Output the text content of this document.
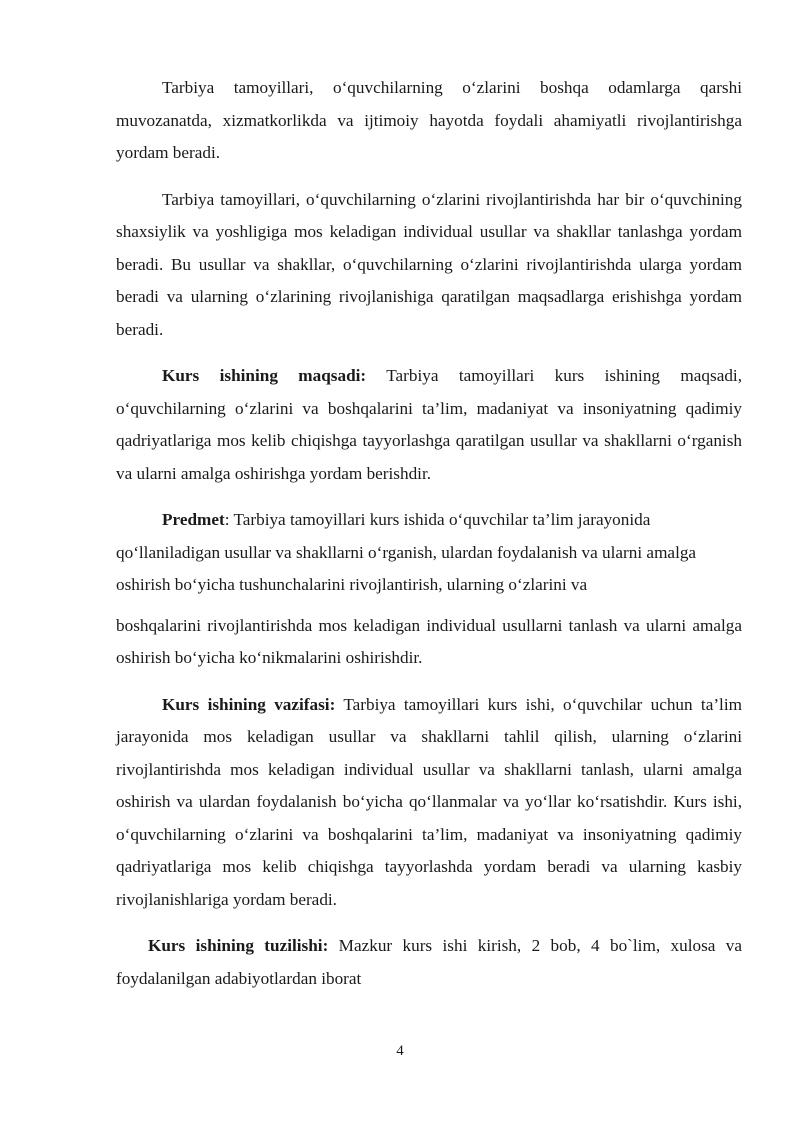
Tarbiya tamoyillari, o‘quvchilarning o‘zlarini boshqa odamlarga qarshi muvozanatda, xizmatkorlikda va ijtimoiy hayotda foydali ahamiyatli rivojlantirishga yordam beradi.

Tarbiya tamoyillari, o‘quvchilarning o‘zlarini rivojlantirishda har bir o‘quvchining shaxsiylik va yoshligiga mos keladigan individual usullar va shakllar tanlashga yordam beradi. Bu usullar va shakllar, o‘quvchilarning o‘zlarini rivojlantirishda ularga yordam beradi va ularning o‘zlarining rivojlanishiga qaratilgan maqsadlarga erishishga yordam beradi.

Kurs ishining maqsadi: Tarbiya tamoyillari kurs ishining maqsadi, o‘quvchilarning o‘zlarini va boshqalarini ta’lim, madaniyat va insoniyatning qadimiy qadriyatlariga mos kelib chiqishga tayyorlashga qaratilgan usullar va shakllarni o‘rganish va ularni amalga oshirishga yordam berishdir.

Predmet: Tarbiya tamoyillari kurs ishida o‘quvchilar ta’lim jarayonida qo‘llaniladigan usullar va shakllarni o‘rganish, ulardan foydalanish va ularni amalga oshirish bo‘yicha tushunchalarini rivojlantirish, ularning o‘zlarini va

boshqalarini rivojlantirishda mos keladigan individual usullarni tanlash va ularni amalga oshirish bo‘yicha ko‘nikmalarini oshirishdir.

Kurs ishining vazifasi: Tarbiya tamoyillari kurs ishi, o‘quvchilar uchun ta’lim jarayonida mos keladigan usullar va shakllarni tahlil qilish, ularning o‘zlarini rivojlantirishda mos keladigan individual usullar va shakllarni tanlash, ularni amalga oshirish va ulardan foydalanish bo‘yicha qo‘llanmalar va yo‘llar ko‘rsatishdir. Kurs ishi, o‘quvchilarning o‘zlarini va boshqalarini ta’lim, madaniyat va insoniyatning qadimiy qadriyatlariga mos kelib chiqishga tayyorlashda yordam beradi va ularning kasbiy rivojlanishlariga yordam beradi.

Kurs ishining tuzilishi: Mazkur kurs ishi kirish, 2 bob, 4 bo`lim, xulosa va foydalanilgan adabiyotlardan iborat

4
